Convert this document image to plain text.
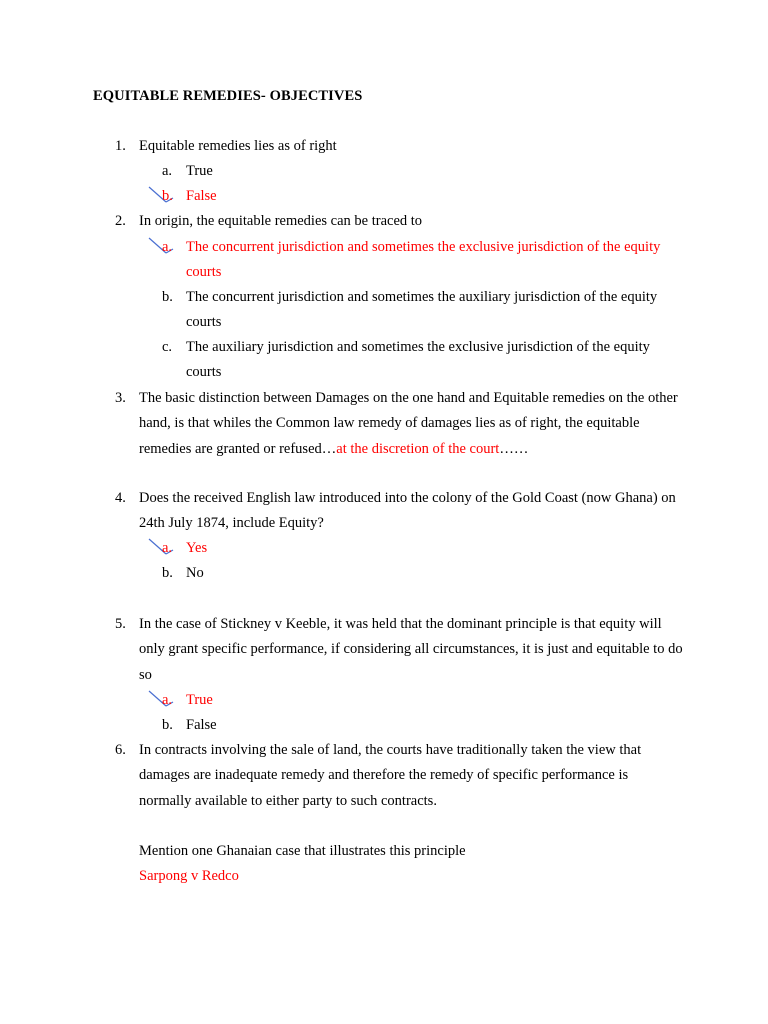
EQUITABLE REMEDIES- OBJECTIVES
1. Equitable remedies lies as of right
a. True
b. False
2. In origin, the equitable remedies can be traced to
a. The concurrent jurisdiction and sometimes the exclusive jurisdiction of the equity courts
b. The concurrent jurisdiction and sometimes the auxiliary jurisdiction of the equity courts
c. The auxiliary jurisdiction and sometimes the exclusive jurisdiction of the equity courts
3. The basic distinction between Damages on the one hand and Equitable remedies on the other hand, is that whiles the Common law remedy of damages lies as of right, the equitable remedies are granted or refused…at the discretion of the court……
4. Does the received English law introduced into the colony of the Gold Coast (now Ghana) on 24th July 1874, include Equity?
a. Yes
b. No
5. In the case of Stickney v Keeble, it was held that the dominant principle is that equity will only grant specific performance, if considering all circumstances, it is just and equitable to do so
a. True
b. False
6. In contracts involving the sale of land, the courts have traditionally taken the view that damages are inadequate remedy and therefore the remedy of specific performance is normally available to either party to such contracts.
Mention one Ghanaian case that illustrates this principle
Sarpong v Redco
